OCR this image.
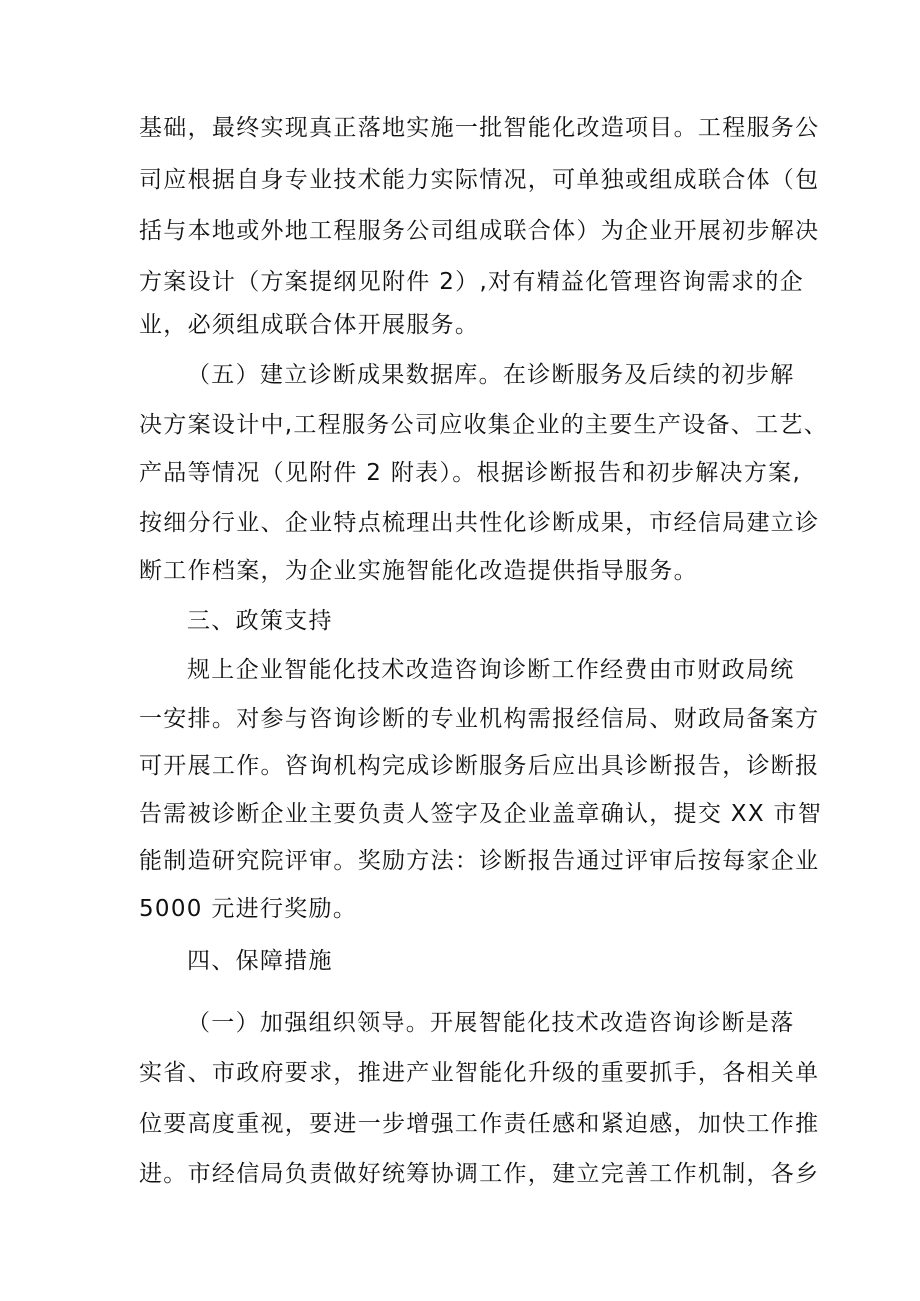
基础，最终实现真正落地实施一批智能化改造项目。工程服务公
司应根据自身专业技术能力实际情况，可单独或组成联合体（包
括与本地或外地工程服务公司组成联合体）为企业开展初步解决
方案设计（方案提纲见附件 2）,对有精益化管理咨询需求的企
业，必须组成联合体开展服务。
（五）建立诊断成果数据库。在诊断服务及后续的初步解
决方案设计中,工程服务公司应收集企业的主要生产设备、工艺、
产品等情况（见附件 2 附表）。根据诊断报告和初步解决方案,
按细分行业、企业特点梳理出共性化诊断成果，市经信局建立诊
断工作档案，为企业实施智能化改造提供指导服务。
三、政策支持
规上企业智能化技术改造咨询诊断工作经费由市财政局统
一安排。对参与咨询诊断的专业机构需报经信局、财政局备案方
可开展工作。咨询机构完成诊断服务后应出具诊断报告，诊断报
告需被诊断企业主要负责人签字及企业盖章确认，提交 XX 市智
能制造研究院评审。奖励方法：诊断报告通过评审后按每家企业
5000 元进行奖励。
四、保障措施
（一）加强组织领导。开展智能化技术改造咨询诊断是落
实省、市政府要求，推进产业智能化升级的重要抓手，各相关单
位要高度重视，要进一步增强工作责任感和紧迫感，加快工作推
进。市经信局负责做好统筹协调工作，建立完善工作机制，各乡
